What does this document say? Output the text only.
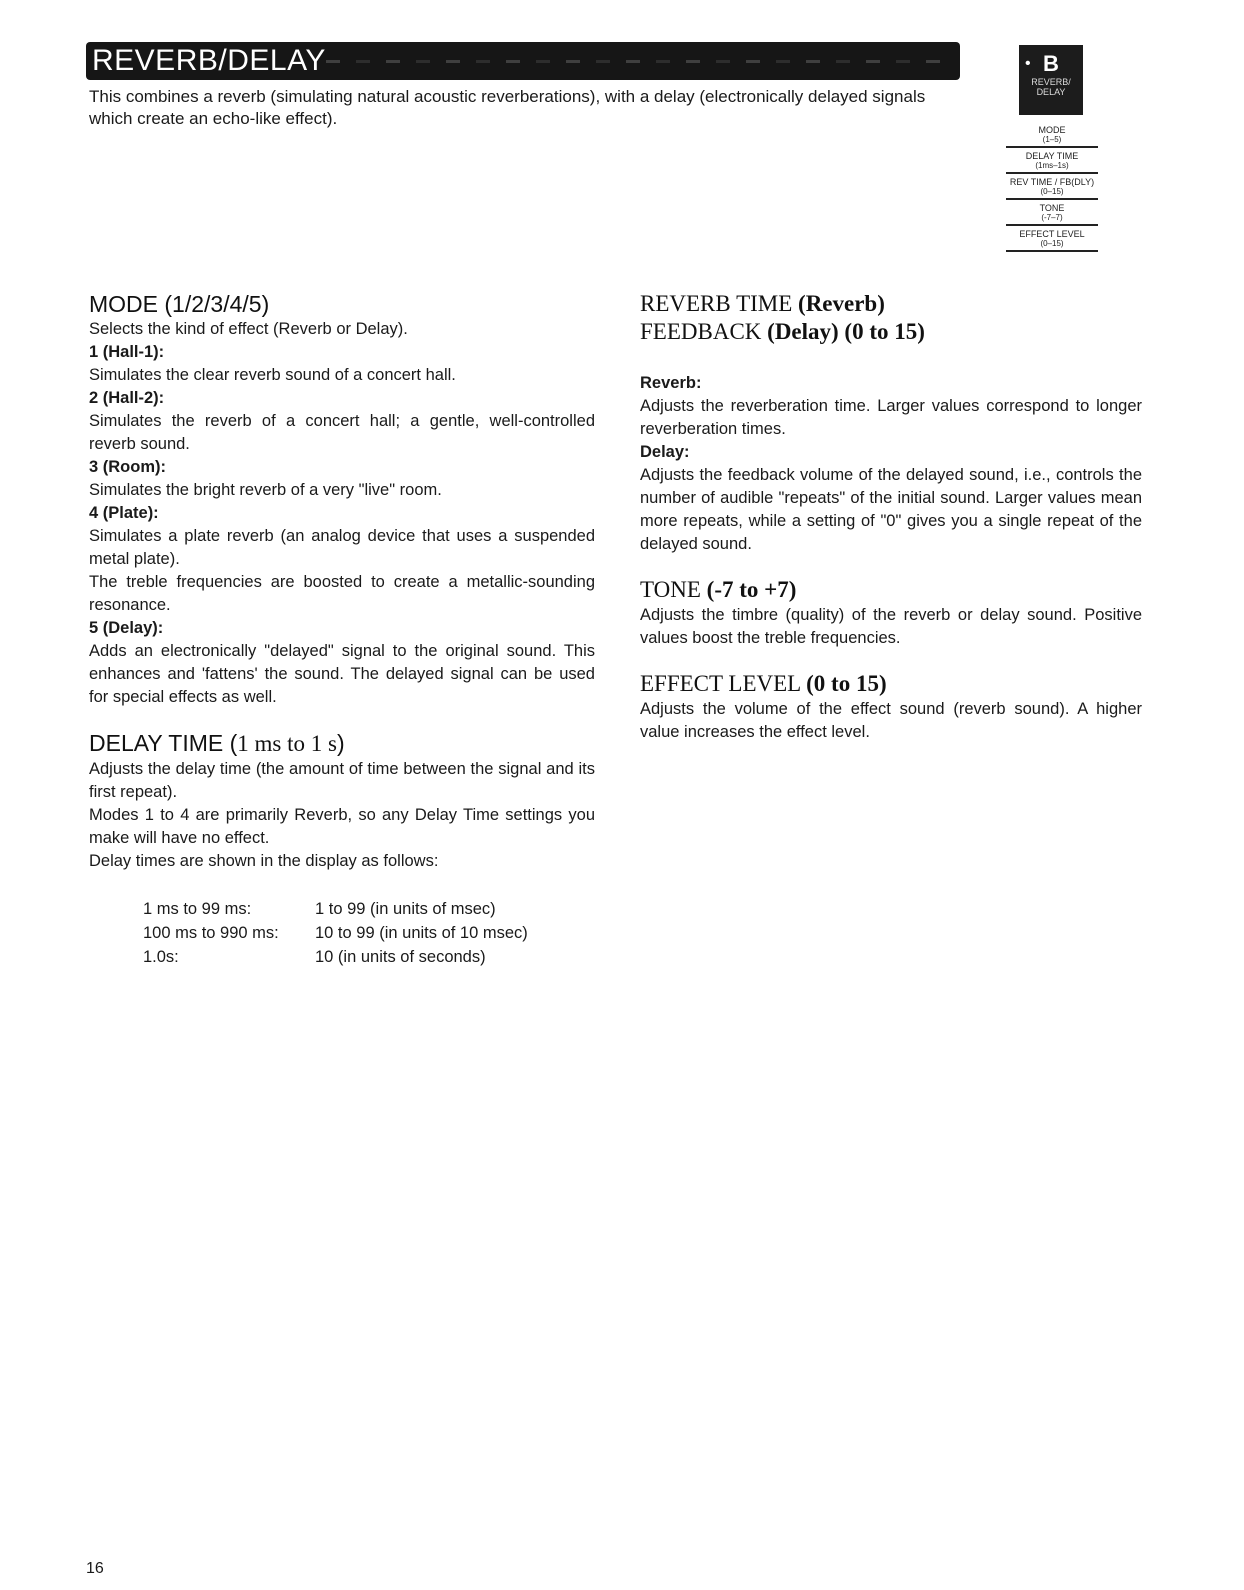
REVERB/DELAY
This combines a reverb (simulating natural acoustic reverberations), with a delay (electronically delayed signals which create an echo-like effect).
• B
REVERB/
DELAY
MODE
(1–5)
DELAY TIME
(1ms–1s)
REV TIME / FB(DLY)
(0–15)
TONE
(-7–7)
EFFECT LEVEL
(0–15)
MODE (1/2/3/4/5)

Selects the kind of effect (Reverb or Delay).

1 (Hall-1):

Simulates the clear reverb sound of a concert hall.

2 (Hall-2):

Simulates the reverb of a concert hall; a gentle, well-controlled reverb sound.

3 (Room):

Simulates the bright reverb of a very "live" room.

4 (Plate):

Simulates a plate reverb (an analog device that uses a suspended metal plate).

The treble frequencies are boosted to create a metallic-sounding resonance.

5 (Delay):

Adds an electronically "delayed" signal to the original sound. This enhances and 'fattens' the sound. The delayed signal can be used for special effects as well.

DELAY TIME (1 ms to 1 s)

Adjusts the delay time (the amount of time between the signal and its first repeat).

Modes 1 to 4 are primarily Reverb, so any Delay Time settings you make will have no effect.

Delay times are shown in the display as follows:

1 ms to 99 ms:	1 to 99 (in units of msec)
100 ms to 990 ms:	10 to 99 (in units of 10 msec)
1.0s:	10 (in units of seconds)
REVERB TIME (Reverb)
FEEDBACK (Delay) (0 to 15)
Reverb:

Adjusts the reverberation time. Larger values correspond to longer reverberation times.

Delay:

Adjusts the feedback volume of the delayed sound, i.e., controls the number of audible "repeats" of the initial sound. Larger values mean more repeats, while a setting of "0" gives you a single repeat of the delayed sound.

TONE (-7 to +7)

Adjusts the timbre (quality) of the reverb or delay sound. Positive values boost the treble frequencies.

EFFECT LEVEL (0 to 15)

Adjusts the volume of the effect sound (reverb sound). A higher value increases the effect level.

16
